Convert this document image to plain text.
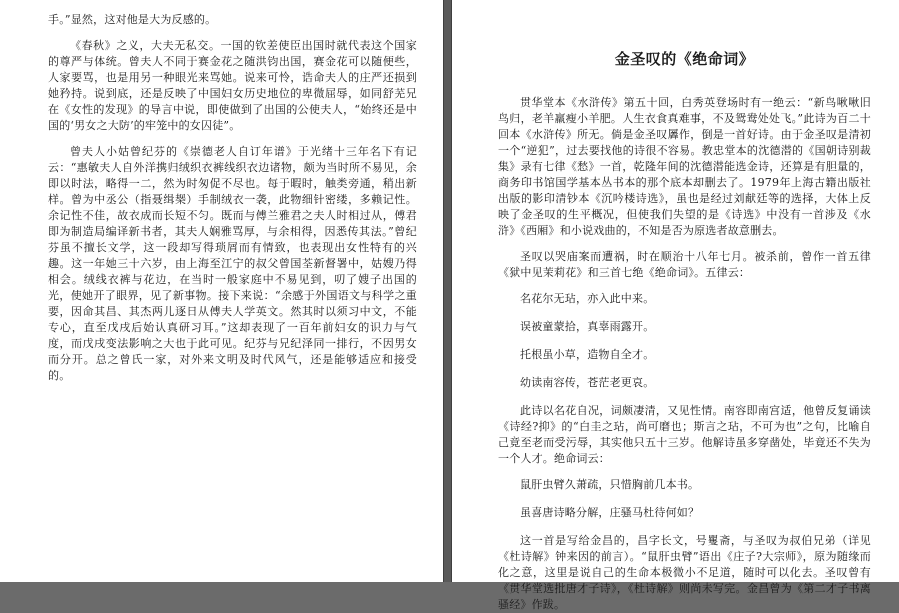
手。”显然，这对他是大为反感的。

《春秋》之义，大夫无私交。一国的钦差使臣出国时就代表这个国家的尊严与体统。曾夫人不同于赛金花之随洪钧出国，赛金花可以随便些，人家要骂，也是用另一种眼光来骂她。说来可怜，诰命夫人的庄严还损到她矜持。说到底，还是反映了中国妇女历史地位的卑微屈辱，如同舒芜兄在《女性的发现》的导言中说，即使做到了出国的公使夫人，“始终还是中国的‘男女之大防’的牢笼中的女囚徒”。

曾夫人小姑曾纪芬的《崇德老人自订年谱》于光绪十三年名下有记云：“惠敏夫人自外洋携归绒织衣裤线织衣边诸物，颇为当时所不易见，余即以时法，略得一二，然为时匆促不尽也。每于暇时，触类旁通，稍出新样。曾为中丞公（指聂缉椝）手制绒衣一袭，此物细针密缕，多赖记性。余记性不佳，故衣成而长短不匀。既而与傅兰雅君之夫人时相过从，傅君即为制造局编译新书者，其夫人娴雅骂厚，与余相得，因悉传其法。”曾纪芬虽不擅长文学，这一段却写得琐屑而有情致，也表现出女性特有的兴趣。这一年她三十六岁，由上海至江宁的叔父曾国荃新督署中，姑嫂乃得相会。绒线衣裤与花边，在当时一般家庭中不易见到，叨了嫂子出国的光，使她开了眼界，见了新事物。接下来说：“余感于外国语文与科学之重要，因命其昌、其杰两儿逐日从傅夫人学英文。然其时以须习中文，不能专心，直至戊戌后始认真研习耳。”这却表现了一百年前妇女的识力与气度，而戊戌变法影响之大也于此可见。纪芬与兄纪泽同一排行，不因男女而分开。总之曾氏一家，对外来文明及时代风气，还是能够适应和接受的。

金圣叹的《绝命词》

贯华堂本《水浒传》第五十回，白秀英登场时有一绝云：“新鸟啾啾旧鸟归，老羊羸瘦小羊肥。人生衣食真难事，不及鸳鸯处处飞。”此诗为百二十回本《水浒传》所无。倘是金圣叹羼作，倒是一首好诗。由于金圣叹是清初一个“逆犯”，过去要找他的诗很不容易。教忠堂本的沈德潜的《国朝诗别裁集》录有七律《愁》一首，乾隆年间的沈德潜能选金诗，还算是有胆量的，商务印书馆国学基本丛书本的那个底本却删去了。1979年上海古籍出版社出版的影印清钞本《沉吟楼诗选》，虽也是经过刘献廷等的选择，大体上反映了金圣叹的生平概况，但使我们失望的是《诗选》中没有一首涉及《水浒》《西厢》和小说戏曲的，不知是否为原选者故意删去。

圣叹以哭庙案而遭祸，时在顺治十八年七月。被杀前，曾作一首五律《狱中见茉莉花》和三首七绝《绝命词》。五律云：

名花尔无玷，亦入此中来。

误被童蒙拾，真辜雨露开。

托根虽小草，造物自全才。

幼读南容传，苍茫老更哀。

此诗以名花自况，词颇凄清，又见性情。南容即南宫适，他曾反复诵读《诗经?抑》的“白圭之玷，尚可磨也；斯言之玷，不可为也”之句，比喻自己竟至老而受污辱，其实他只五十三岁。他解诗虽多穿凿处，毕竟还不失为一个人才。绝命词云：

鼠肝虫臂久萧疏，只惜胸前几本书。

虽喜唐诗略分解，庄骚马杜待何如？

这一首是写给金昌的，昌字长文，号矍斋，与圣叹为叔伯兄弟（详见《杜诗解》钟来因的前言）。“鼠肝虫臂”语出《庄子?大宗师》，原为随缘而化之意，这里是说自己的生命本极微小不足道，随时可以化去。圣叹曾有《贯华堂选批唐才子诗》，《杜诗解》则尚未写完。金昌曾为《第二才子书离骚经》作跋。
